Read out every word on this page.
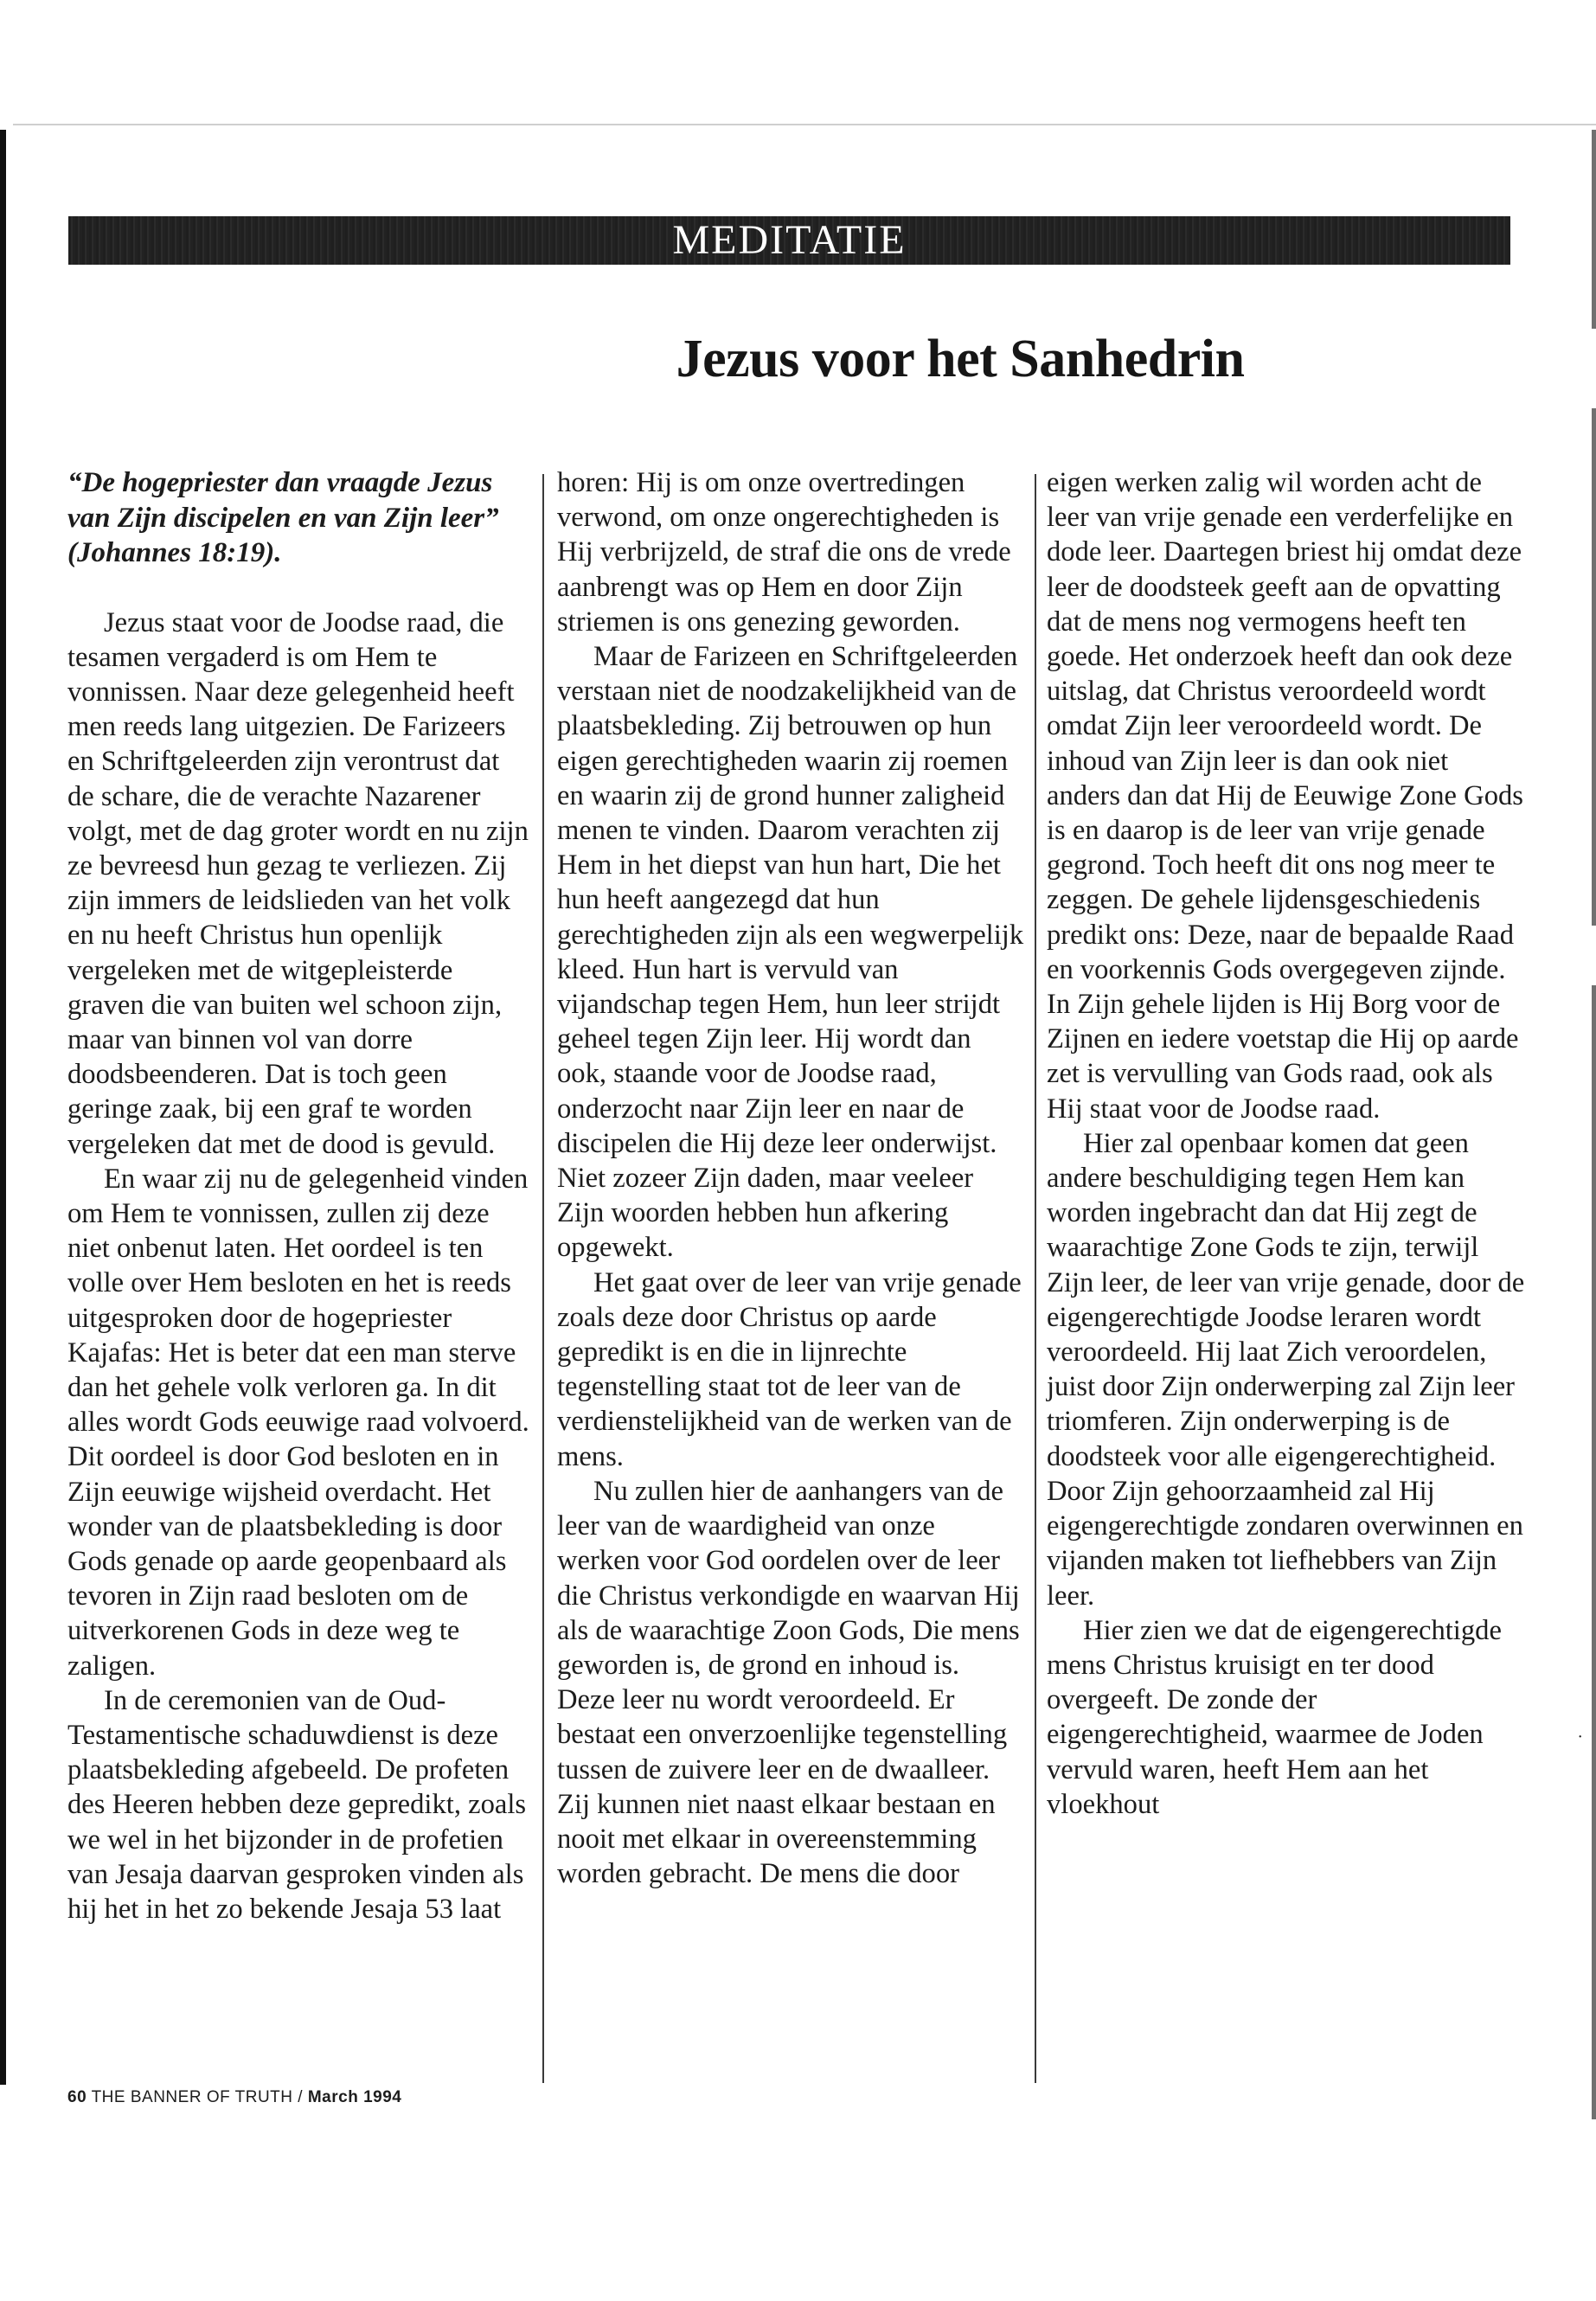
MEDITATIE
Jezus voor het Sanhedrin

“De hogepriester dan vraagde Jezus van Zijn discipelen en van Zijn leer” (Johannes 18:19).

Jezus staat voor de Joodse raad, die tesamen vergaderd is om Hem te vonnissen. Naar deze gelegenheid heeft men reeds lang uitgezien. De Farizeers en Schriftgeleerden zijn verontrust dat de schare, die de verachte Nazarener volgt, met de dag groter wordt en nu zijn ze bevreesd hun gezag te verliezen. Zij zijn immers de leidslieden van het volk en nu heeft Christus hun openlijk vergeleken met de witgepleisterde graven die van buiten wel schoon zijn, maar van binnen vol van dorre doodsbeenderen. Dat is toch geen geringe zaak, bij een graf te worden vergeleken dat met de dood is gevuld.

En waar zij nu de gelegenheid vinden om Hem te vonnissen, zullen zij deze niet onbenut laten. Het oordeel is ten volle over Hem besloten en het is reeds uitgesproken door de hogepriester Kajafas: Het is beter dat een man sterve dan het gehele volk verloren ga. In dit alles wordt Gods eeuwige raad volvoerd. Dit oordeel is door God besloten en in Zijn eeuwige wijsheid overdacht. Het wonder van de plaatsbekleding is door Gods genade op aarde geopenbaard als tevoren in Zijn raad besloten om de uitverkorenen Gods in deze weg te zaligen.

In de ceremonien van de Oud-Testamentische schaduwdienst is deze plaatsbekleding afgebeeld. De profeten des Heeren hebben deze gepredikt, zoals we wel in het bijzonder in de profetien van Jesaja daarvan gesproken vinden als hij het in het zo bekende Jesaja 53 laat

horen: Hij is om onze overtredingen verwond, om onze ongerechtigheden is Hij verbrijzeld, de straf die ons de vrede aanbrengt was op Hem en door Zijn striemen is ons genezing geworden.

Maar de Farizeen en Schriftgeleerden verstaan niet de noodzakelijkheid van de plaatsbekleding. Zij betrouwen op hun eigen gerechtigheden waarin zij roemen en waarin zij de grond hunner zaligheid menen te vinden. Daarom verachten zij Hem in het diepst van hun hart, Die het hun heeft aangezegd dat hun gerechtigheden zijn als een wegwerpelijk kleed. Hun hart is vervuld van vijandschap tegen Hem, hun leer strijdt geheel tegen Zijn leer. Hij wordt dan ook, staande voor de Joodse raad, onderzocht naar Zijn leer en naar de discipelen die Hij deze leer onderwijst. Niet zozeer Zijn daden, maar veeleer Zijn woorden hebben hun afkering opgewekt.

Het gaat over de leer van vrije genade zoals deze door Christus op aarde gepredikt is en die in lijnrechte tegenstelling staat tot de leer van de verdienstelijkheid van de werken van de mens.

Nu zullen hier de aanhangers van de leer van de waardigheid van onze werken voor God oordelen over de leer die Christus verkondigde en waarvan Hij als de waarachtige Zoon Gods, Die mens geworden is, de grond en inhoud is. Deze leer nu wordt veroordeeld. Er bestaat een onverzoenlijke tegenstelling tussen de zuivere leer en de dwaalleer. Zij kunnen niet naast elkaar bestaan en nooit met elkaar in overeenstemming worden gebracht. De mens die door

eigen werken zalig wil worden acht de leer van vrije genade een verderfelijke en dode leer. Daartegen briest hij omdat deze leer de doodsteek geeft aan de opvatting dat de mens nog vermogens heeft ten goede. Het onderzoek heeft dan ook deze uitslag, dat Christus veroordeeld wordt omdat Zijn leer veroordeeld wordt. De inhoud van Zijn leer is dan ook niet anders dan dat Hij de Eeuwige Zone Gods is en daarop is de leer van vrije genade gegrond. Toch heeft dit ons nog meer te zeggen. De gehele lijdensgeschiedenis predikt ons: Deze, naar de bepaalde Raad en voorkennis Gods overgegeven zijnde. In Zijn gehele lijden is Hij Borg voor de Zijnen en iedere voetstap die Hij op aarde zet is vervulling van Gods raad, ook als Hij staat voor de Joodse raad.

Hier zal openbaar komen dat geen andere beschuldiging tegen Hem kan worden ingebracht dan dat Hij zegt de waarachtige Zone Gods te zijn, terwijl Zijn leer, de leer van vrije genade, door de eigengerechtigde Joodse leraren wordt veroordeeld. Hij laat Zich veroordelen, juist door Zijn onderwerping zal Zijn leer triomferen. Zijn onderwerping is de doodsteek voor alle eigengerechtigheid. Door Zijn gehoorzaamheid zal Hij eigengerechtigde zondaren overwinnen en vijanden maken tot liefhebbers van Zijn leer.

Hier zien we dat de eigengerechtigde mens Christus kruisigt en ter dood overgeeft. De zonde der eigengerechtigheid, waarmee de Joden vervuld waren, heeft Hem aan het vloekhout

60 THE BANNER OF TRUTH / March 1994
·
